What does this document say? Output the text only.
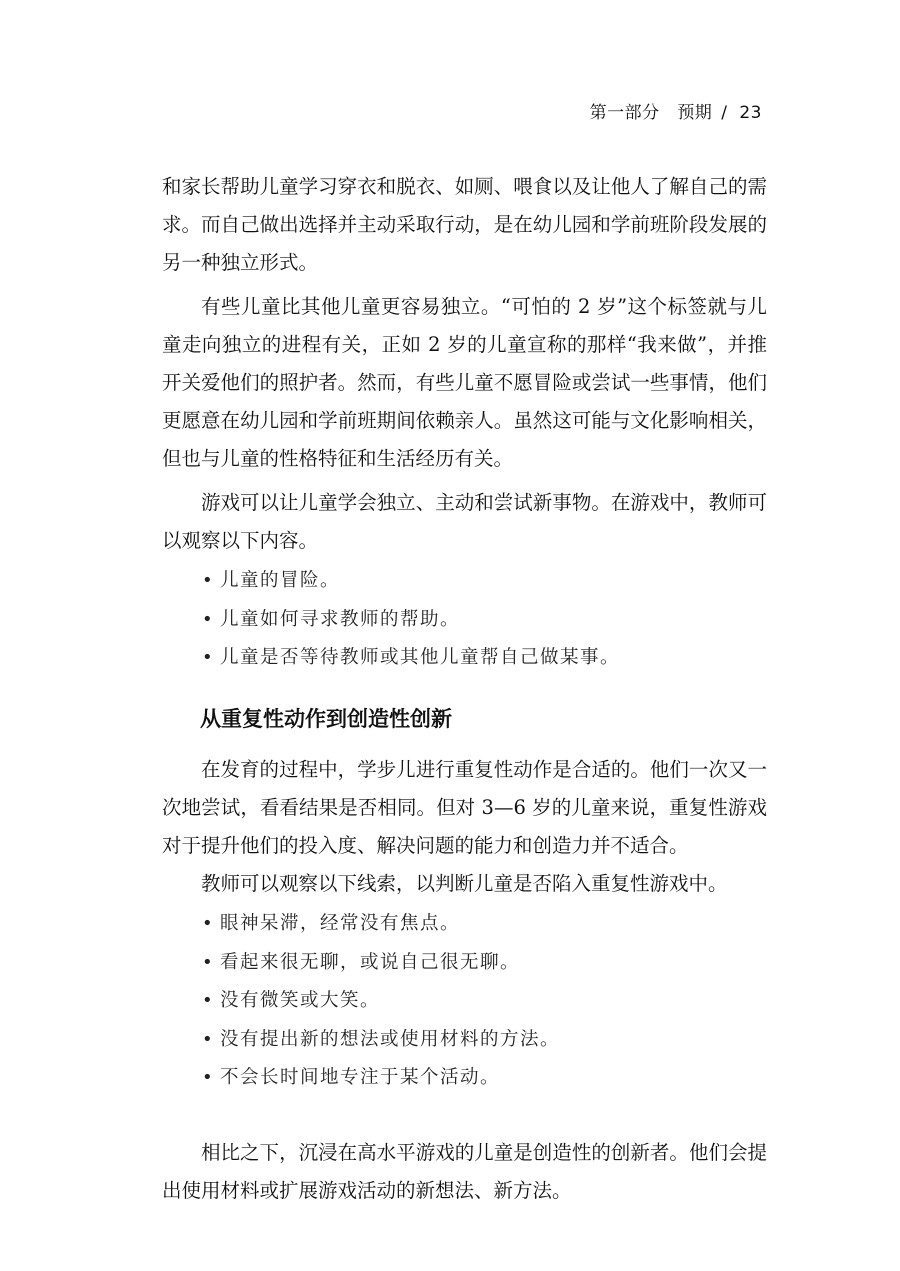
第一部分 预期 / 23

和家长帮助儿童学习穿衣和脱衣、如厕、喂食以及让他人了解自己的需求。而自己做出选择并主动采取行动，是在幼儿园和学前班阶段发展的另一种独立形式。

有些儿童比其他儿童更容易独立。“可怕的 2 岁”这个标签就与儿童走向独立的进程有关，正如 2 岁的儿童宣称的那样“我来做”，并推开关爱他们的照护者。然而，有些儿童不愿冒险或尝试一些事情，他们更愿意在幼儿园和学前班期间依赖亲人。虽然这可能与文化影响相关，但也与儿童的性格特征和生活经历有关。

游戏可以让儿童学会独立、主动和尝试新事物。在游戏中，教师可以观察以下内容。

• 儿童的冒险。
• 儿童如何寻求教师的帮助。
• 儿童是否等待教师或其他儿童帮自己做某事。
从重复性动作到创造性创新

在发育的过程中，学步儿进行重复性动作是合适的。他们一次又一次地尝试，看看结果是否相同。但对 3—6 岁的儿童来说，重复性游戏对于提升他们的投入度、解决问题的能力和创造力并不适合。

教师可以观察以下线索，以判断儿童是否陷入重复性游戏中。

• 眼神呆滞，经常没有焦点。
• 看起来很无聊，或说自己很无聊。
• 没有微笑或大笑。
• 没有提出新的想法或使用材料的方法。
• 不会长时间地专注于某个活动。

相比之下，沉浸在高水平游戏的儿童是创造性的创新者。他们会提出使用材料或扩展游戏活动的新想法、新方法。
